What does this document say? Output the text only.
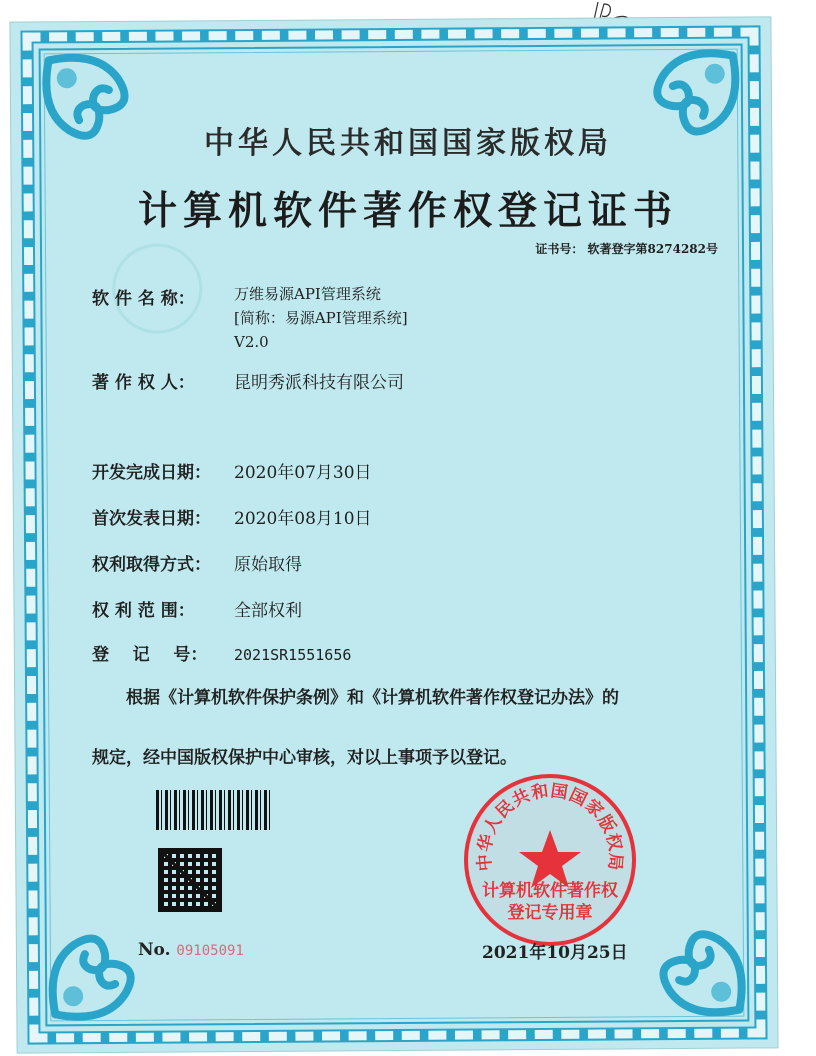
中华人民共和国国家版权局
计算机软件著作权登记证书
证书号： 软著登字第8274282号
软 件 名 称：	万维易源API管理系统
[简称：易源API管理系统]
V2.0
著 作 权 人： 昆明秀派科技有限公司
开发完成日期： 2020年07月30日
首次发表日期： 2020年08月10日
权利取得方式： 原始取得
权 利 范 围： 全部权利
登    记    号： 2021SR1551656
根据《计算机软件保护条例》和《计算机软件著作权登记办法》的
规定，经中国版权保护中心审核，对以上事项予以登记。
No. 09105091
中华人民共和国国家版权局
计算机软件著作权
登记专用章
2021年10月25日
